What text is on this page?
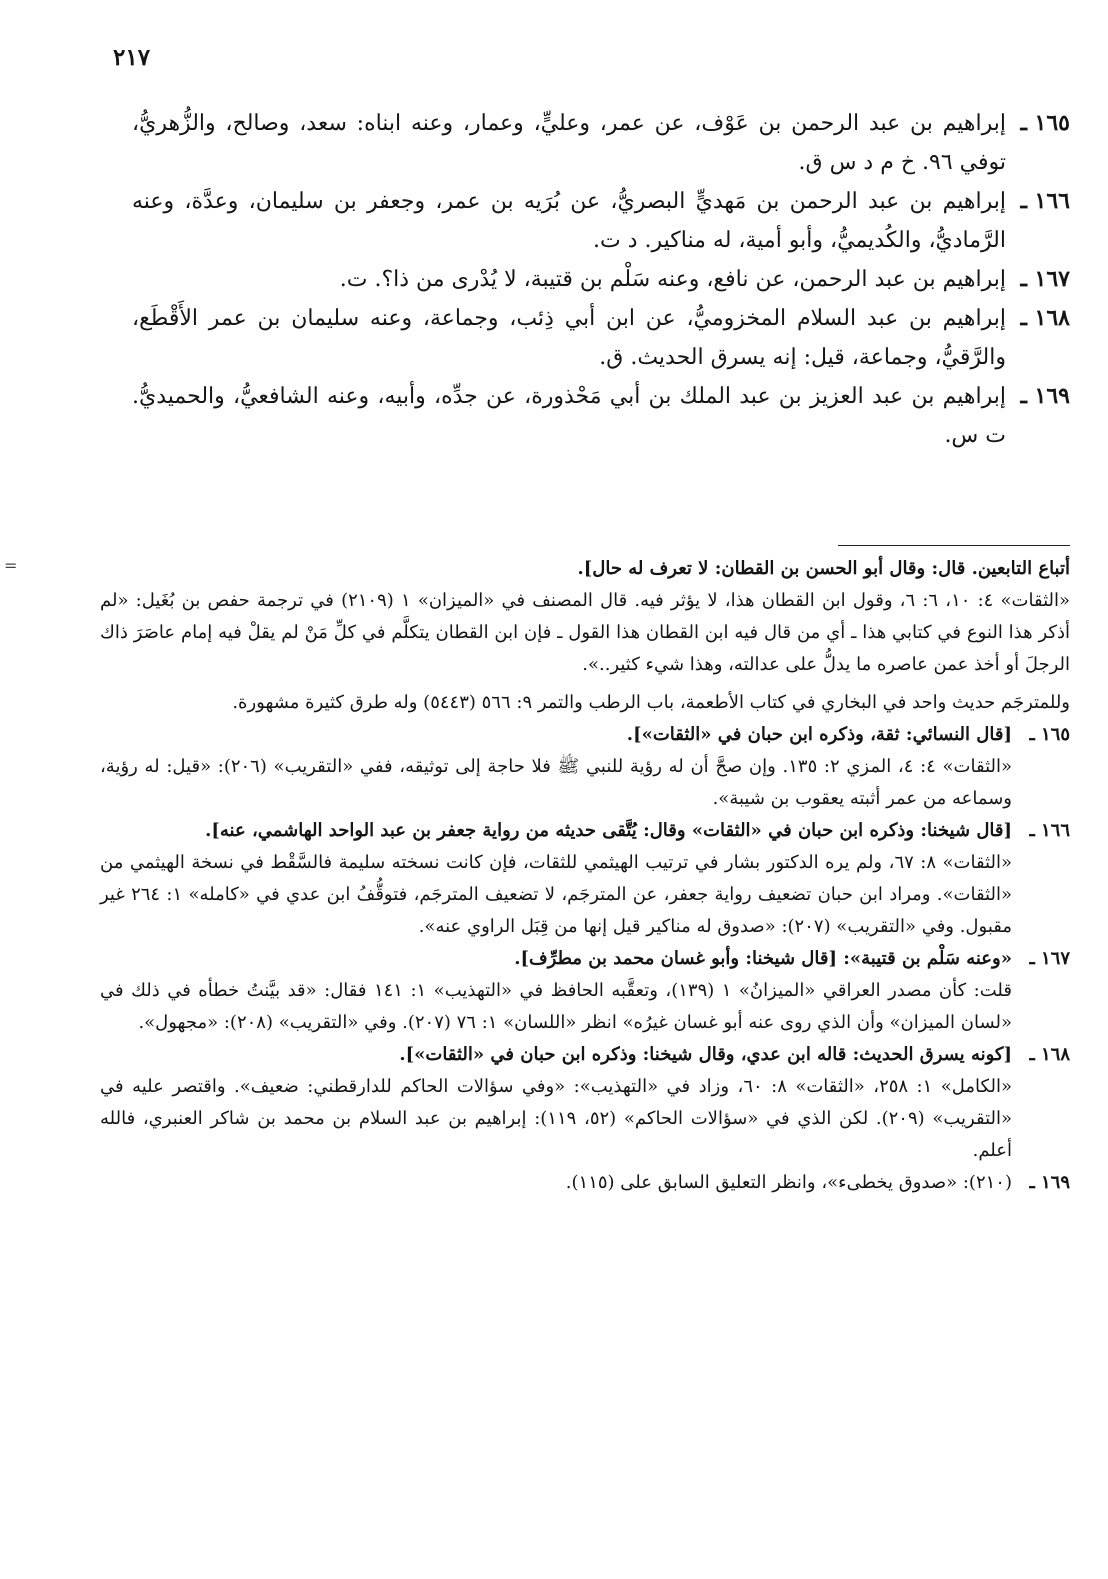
٢١٧

١٦٥ ـ
إبراهيم بن عبد الرحمن بن عَوْف، عن عمر، وعليٍّ، وعمار، وعنه ابناه: سعد، وصالح، والزُّهريُّ، توفي ٩٦. خ م د س ق.

١٦٦ ـ
إبراهيم بن عبد الرحمن بن مَهديٍّ البصريُّ، عن بُرَيه بن عمر، وجعفر بن سليمان، وعدَّة، وعنه الرَّماديُّ، والكُديميُّ، وأبو أمية، له مناكير. د ت.

١٦٧ ـ
إبراهيم بن عبد الرحمن، عن نافع، وعنه سَلْم بن قتيبة، لا يُدْرى من ذا؟. ت.

١٦٨ ـ
إبراهيم بن عبد السلام المخزوميُّ، عن ابن أبي ذِئب، وجماعة، وعنه سليمان بن عمر الأَقْطَع، والرَّقيُّ، وجماعة، قيل: إنه يسرق الحديث. ق.

١٦٩ ـ
إبراهيم بن عبد العزيز بن عبد الملك بن أبي مَحْذورة، عن جدِّه، وأبيه، وعنه الشافعيُّ، والحميديُّ. ت س.

=	أتباع التابعين. قال: وقال أبو الحسن بن القطان: لا تعرف له حال].
«الثقات» ٤: ١٠، ٦: ٦، وقول ابن القطان هذا، لا يؤثر فيه. قال المصنف في «الميزان» ١ (٢١٠٩) في ترجمة حفص بن بُغَيل: «لم أذكر هذا النوع في كتابي هذا ـ أي من قال فيه ابن القطان هذا القول ـ فإن ابن القطان يتكلَّم في كلِّ مَنْ لم يقلْ فيه إمام عاصَرَ ذاك الرجلَ أو أخذ عمن عاصره ما يدلُّ على عدالته، وهذا شيء كثير..».

وللمترجَم حديث واحد في البخاري في كتاب الأطعمة، باب الرطب والتمر ٩: ٥٦٦ (٥٤٤٣) وله طرق كثيرة مشهورة.

١٦٥ ـ
[قال النسائي: ثقة، وذكره ابن حبان في «الثقات»].
«الثقات» ٤: ٤، المزي ٢: ١٣٥. وإن صحَّ أن له رؤية للنبي ﷺ فلا حاجة إلى توثيقه، ففي «التقريب» (٢٠٦): «قيل: له رؤية، وسماعه من عمر أثبته يعقوب بن شيبة».

١٦٦ ـ
[قال شيخنا: وذكره ابن حبان في «الثقات» وقال: يُتَّقى حديثه من رواية جعفر بن عبد الواحد الهاشمي، عنه].
«الثقات» ٨: ٦٧، ولم يره الدكتور بشار في ترتيب الهيثمي للثقات، فإن كانت نسخته سليمة فالسَّقْط في نسخة الهيثمي من «الثقات». ومراد ابن حبان تضعيف رواية جعفر، عن المترجَم، لا تضعيف المترجَم، فتوقُّفُ ابن عدي في «كامله» ١: ٢٦٤ غير مقبول. وفي «التقريب» (٢٠٧): «صدوق له مناكير قيل إنها من قِبَل الراوي عنه».

١٦٧ ـ
«وعنه سَلْم بن قتيبة»: [قال شيخنا: وأبو غسان محمد بن مطرِّف].
قلت: كأن مصدر العراقي «الميزانُ» ١ (١٣٩)، وتعقَّبه الحافظ في «التهذيب» ١: ١٤١ فقال: «قد بيَّنتُ خطأه في ذلك في «لسان الميزان» وأن الذي روى عنه أبو غسان غيرُه» انظر «اللسان» ١: ٧٦ (٢٠٧). وفي «التقريب» (٢٠٨): «مجهول».

١٦٨ ـ
[كونه يسرق الحديث: قاله ابن عدي، وقال شيخنا: وذكره ابن حبان في «الثقات»].
«الكامل» ١: ٢٥٨، «الثقات» ٨: ٦٠، وزاد في «التهذيب»: «وفي سؤالات الحاكم للدارقطني: ضعيف». واقتصر عليه في «التقريب» (٢٠٩). لكن الذي في «سؤالات الحاكم» (٥٢، ١١٩): إبراهيم بن عبد السلام بن محمد بن شاكر العنبري، فالله أعلم.

١٦٩ ـ
(٢١٠): «صدوق يخطىء»، وانظر التعليق السابق على (١١٥).
